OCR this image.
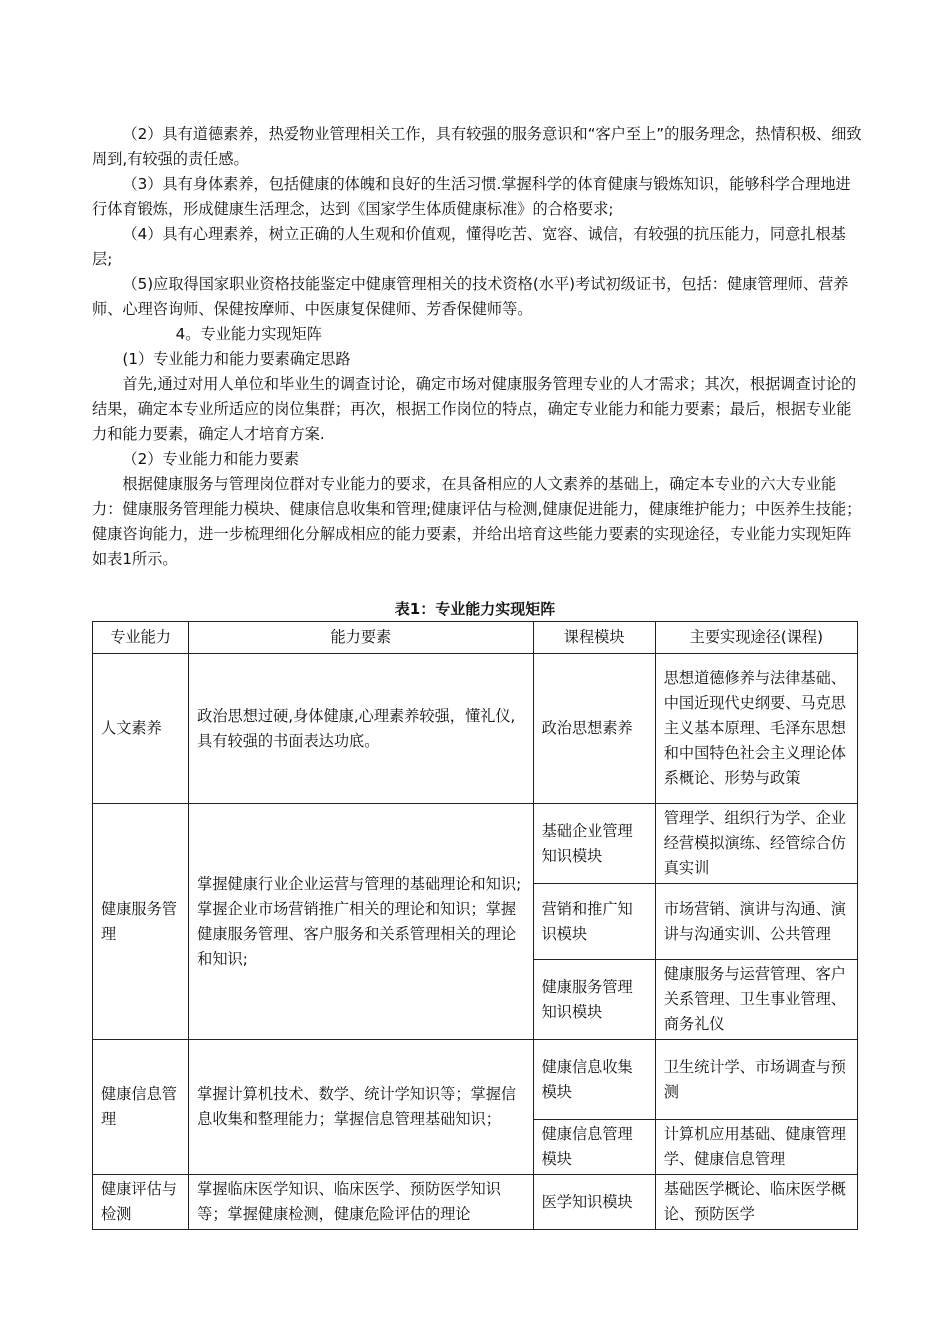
（2）具有道德素养，热爱物业管理相关工作，具有较强的服务意识和“客户至上”的服务理念，热情积极、细致周到,有较强的责任感。

（3）具有身体素养，包括健康的体魄和良好的生活习惯.掌握科学的体育健康与锻炼知识，能够科学合理地进行体育锻炼，形成健康生活理念，达到《国家学生体质健康标准》的合格要求;

（4）具有心理素养，树立正确的人生观和价值观，懂得吃苦、宽容、诚信，有较强的抗压能力，同意扎根基层;

（5)应取得国家职业资格技能鉴定中健康管理相关的技术资格(水平)考试初级证书，包括：健康管理师、营养师、心理咨询师、保健按摩师、中医康复保健师、芳香保健师等。

4。专业能力实现矩阵

(1）专业能力和能力要素确定思路

首先,通过对用人单位和毕业生的调查讨论，确定市场对健康服务管理专业的人才需求；其次，根据调查讨论的结果，确定本专业所适应的岗位集群；再次，根据工作岗位的特点，确定专业能力和能力要素；最后，根据专业能力和能力要素，确定人才培育方案.

（2）专业能力和能力要素

根据健康服务与管理岗位群对专业能力的要求，在具备相应的人文素养的基础上，确定本专业的六大专业能力：健康服务管理能力模块、健康信息收集和管理;健康评估与检测,健康促进能力，健康维护能力；中医养生技能；健康咨询能力，进一步梳理细化分解成相应的能力要素，并给出培育这些能力要素的实现途径，专业能力实现矩阵如表1所示。

表1：专业能力实现矩阵
专业能力	能力要素	课程模块	主要实现途径(课程)
人文素养	政治思想过硬,身体健康,心理素养较强，懂礼仪,具有较强的书面表达功底。	政治思想素养	思想道德修养与法律基础、中国近现代史纲要、马克思主义基本原理、毛泽东思想和中国特色社会主义理论体系概论、形势与政策
健康服务管理	掌握健康行业企业运营与管理的基础理论和知识;掌握企业市场营销推广相关的理论和知识；掌握健康服务管理、客户服务和关系管理相关的理论和知识;	基础企业管理知识模块	管理学、组织行为学、企业经营模拟演练、经管综合仿真实训
		营销和推广知识模块	市场营销、演讲与沟通、演讲与沟通实训、公共管理
		健康服务管理知识模块	健康服务与运营管理、客户关系管理、卫生事业管理、商务礼仪
健康信息管理	掌握计算机技术、数学、统计学知识等；掌握信息收集和整理能力；掌握信息管理基础知识；	健康信息收集模块	卫生统计学、市场调查与预测
		健康信息管理模块	计算机应用基础、健康管理学、健康信息管理
健康评估与检测	掌握临床医学知识、临床医学、预防医学知识等；掌握健康检测，健康危险评估的理论	医学知识模块	基础医学概论、临床医学概论、预防医学
